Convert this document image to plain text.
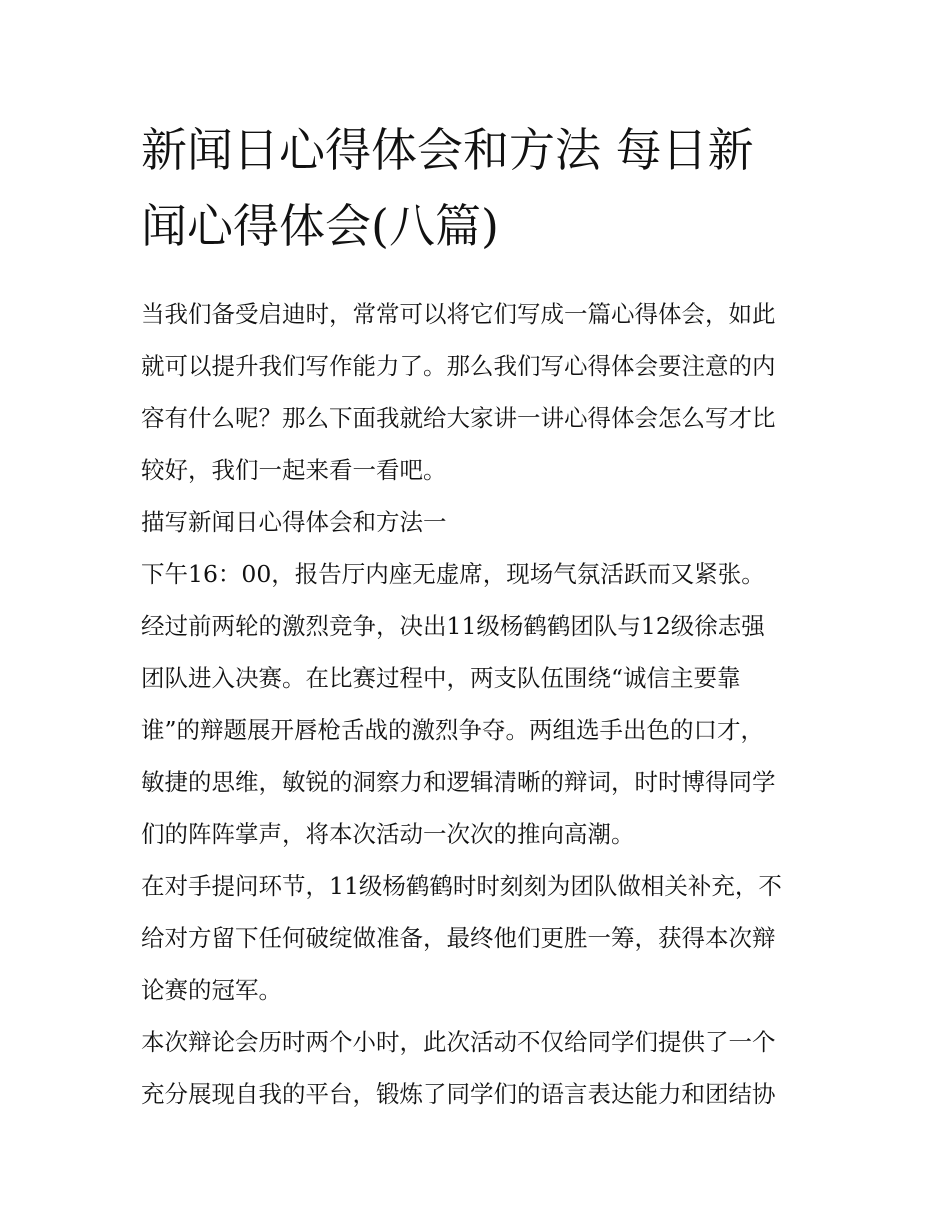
新闻日心得体会和方法 每日新
闻心得体会(八篇)

当我们备受启迪时，常常可以将它们写成一篇心得体会，如此
就可以提升我们写作能力了。那么我们写心得体会要注意的内
容有什么呢？那么下面我就给大家讲一讲心得体会怎么写才比
较好，我们一起来看一看吧。

描写新闻日心得体会和方法一

下午16：00，报告厅内座无虚席，现场气氛活跃而又紧张。

经过前两轮的激烈竞争，决出11级杨鹤鹤团队与12级徐志强
团队进入决赛。在比赛过程中，两支队伍围绕“诚信主要靠
谁”的辩题展开唇枪舌战的激烈争夺。两组选手出色的口才，
敏捷的思维，敏锐的洞察力和逻辑清晰的辩词，时时博得同学
们的阵阵掌声，将本次活动一次次的推向高潮。

在对手提问环节，11级杨鹤鹤时时刻刻为团队做相关补充，不
给对方留下任何破绽做准备，最终他们更胜一筹，获得本次辩
论赛的冠军。

本次辩论会历时两个小时，此次活动不仅给同学们提供了一个
充分展现自我的平台，锻炼了同学们的语言表达能力和团结协
